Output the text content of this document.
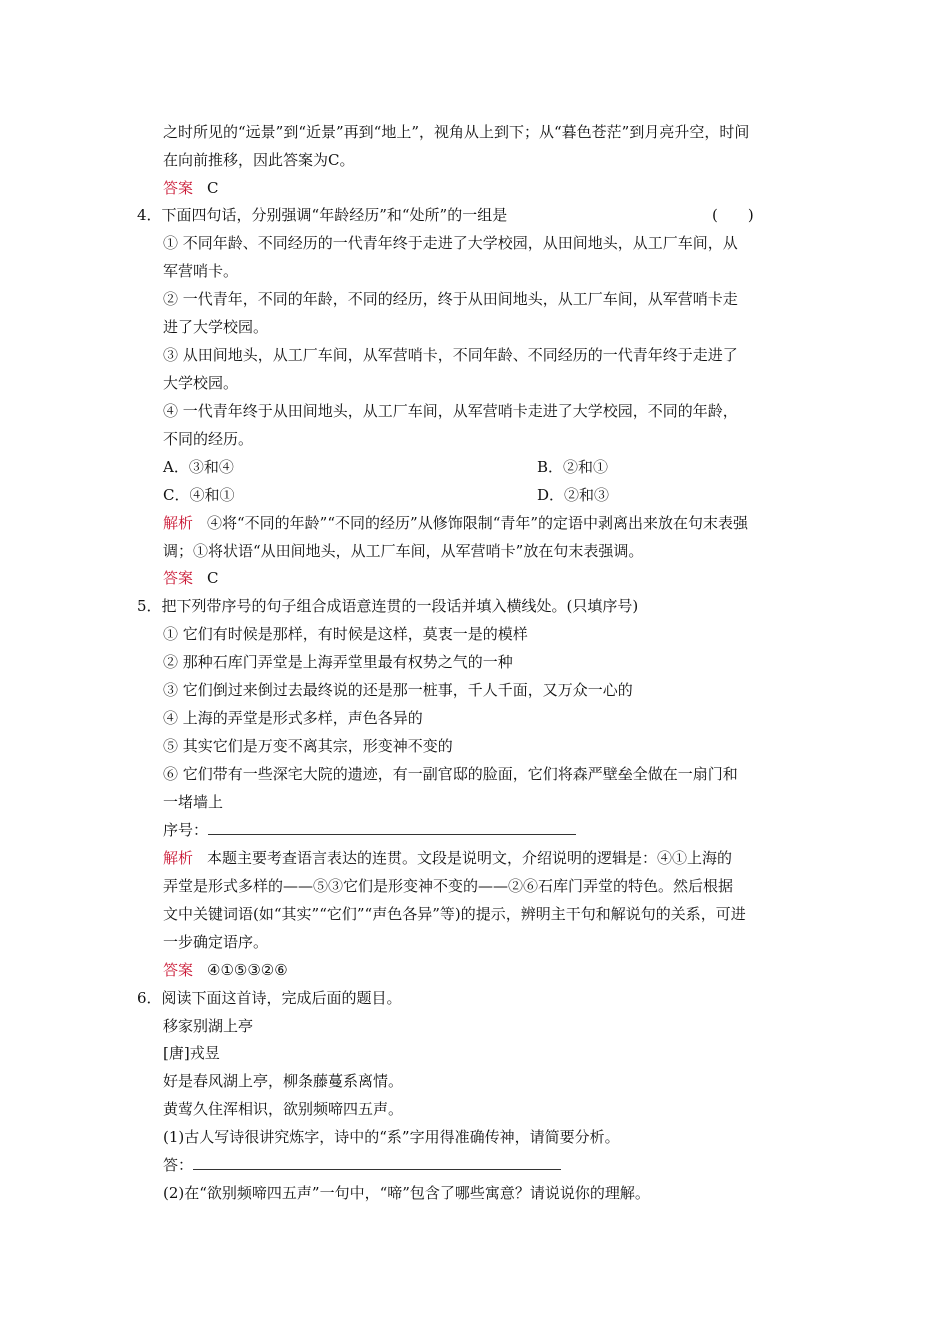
之时所见的“远景”到“近景”再到“地上”，视角从上到下；从“暮色苍茫”到月亮升空，时间
在向前推移，因此答案为C。
答案 C
4．下面四句话，分别强调“年龄经历”和“处所”的一组是	(　　)
① 不同年龄、不同经历的一代青年终于走进了大学校园，从田间地头，从工厂车间，从
军营哨卡。
② 一代青年，不同的年龄，不同的经历，终于从田间地头，从工厂车间，从军营哨卡走
进了大学校园。
③ 从田间地头，从工厂车间，从军营哨卡，不同年龄、不同经历的一代青年终于走进了
大学校园。
④ 一代青年终于从田间地头，从工厂车间，从军营哨卡走进了大学校园，不同的年龄，
不同的经历。
A．③和④	B．②和①
C．④和①	D．②和③
解析 ④将“不同的年龄”“不同的经历”从修饰限制“青年”的定语中剥离出来放在句末表强
调；①将状语“从田间地头，从工厂车间，从军营哨卡”放在句末表强调。
答案 C
5．把下列带序号的句子组合成语意连贯的一段话并填入横线处。(只填序号)
① 它们有时候是那样，有时候是这样，莫衷一是的模样
② 那种石库门弄堂是上海弄堂里最有权势之气的一种
③ 它们倒过来倒过去最终说的还是那一桩事，千人千面，又万众一心的
④ 上海的弄堂是形式多样，声色各异的
⑤ 其实它们是万变不离其宗，形变神不变的
⑥ 它们带有一些深宅大院的遗迹，有一副官邸的脸面，它们将森严壁垒全做在一扇门和
一堵墙上
序号：
解析 本题主要考查语言表达的连贯。文段是说明文，介绍说明的逻辑是：④①上海的
弄堂是形式多样的——⑤③它们是形变神不变的——②⑥石库门弄堂的特色。然后根据
文中关键词语(如“其实”“它们”“声色各异”等)的提示，辨明主干句和解说句的关系，可进
一步确定语序。
答案 ④①⑤③②⑥
6．阅读下面这首诗，完成后面的题目。
移家别湖上亭
[唐]戎昱
好是春风湖上亭，柳条藤蔓系离情。
黄莺久住浑相识，欲别频啼四五声。
(1)古人写诗很讲究炼字，诗中的“系”字用得准确传神，请简要分析。
答：
(2)在“欲别频啼四五声”一句中，“啼”包含了哪些寓意？请说说你的理解。
